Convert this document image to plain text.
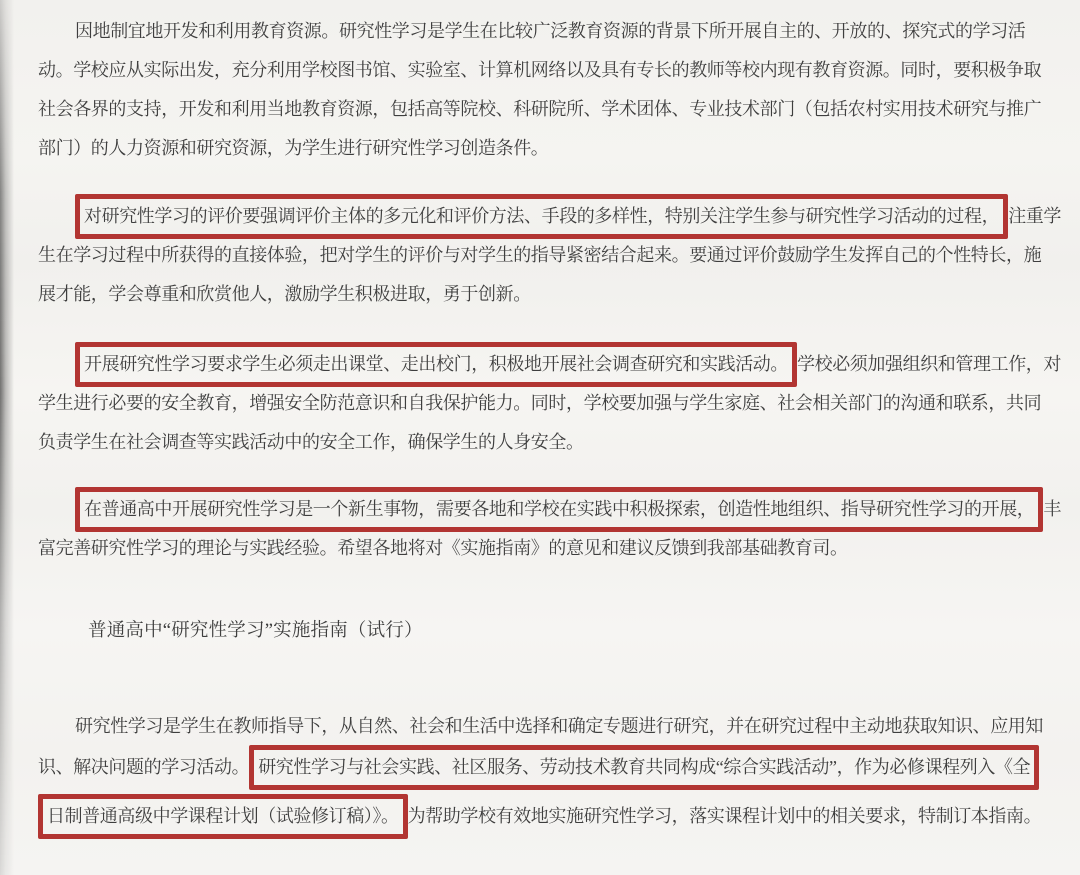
因地制宜地开发和利用教育资源。研究性学习是学生在比较广泛教育资源的背景下所开展自主的、开放的、探究式的学习活
动。学校应从实际出发，充分利用学校图书馆、实验室、计算机网络以及具有专长的教师等校内现有教育资源。同时，要积极争取
社会各界的支持，开发和利用当地教育资源，包括高等院校、科研院所、学术团体、专业技术部门（包括农村实用技术研究与推广
部门）的人力资源和研究资源，为学生进行研究性学习创造条件。
对研究性学习的评价要强调评价主体的多元化和评价方法、手段的多样性，特别关注学生参与研究性学习活动的过程， 注重学
生在学习过程中所获得的直接体验，把对学生的评价与对学生的指导紧密结合起来。要通过评价鼓励学生发挥自己的个性特长，施
展才能，学会尊重和欣赏他人，激励学生积极进取，勇于创新。
开展研究性学习要求学生必须走出课堂、走出校门，积极地开展社会调查研究和实践活动。 学校必须加强组织和管理工作，对
学生进行必要的安全教育，增强安全防范意识和自我保护能力。同时，学校要加强与学生家庭、社会相关部门的沟通和联系，共同
负责学生在社会调查等实践活动中的安全工作，确保学生的人身安全。
在普通高中开展研究性学习是一个新生事物，需要各地和学校在实践中积极探索，创造性地组织、指导研究性学习的开展， 丰
富完善研究性学习的理论与实践经验。希望各地将对《实施指南》的意见和建议反馈到我部基础教育司。
普通高中“研究性学习”实施指南（试行）
研究性学习是学生在教师指导下，从自然、社会和生活中选择和确定专题进行研究，并在研究过程中主动地获取知识、应用知
识、解决问题的学习活动。 研究性学习与社会实践、社区服务、劳动技术教育共同构成“综合实践活动”，作为必修课程列入《全
日制普通高级中学课程计划（试验修订稿）》。 为帮助学校有效地实施研究性学习，落实课程计划中的相关要求，特制订本指南。
